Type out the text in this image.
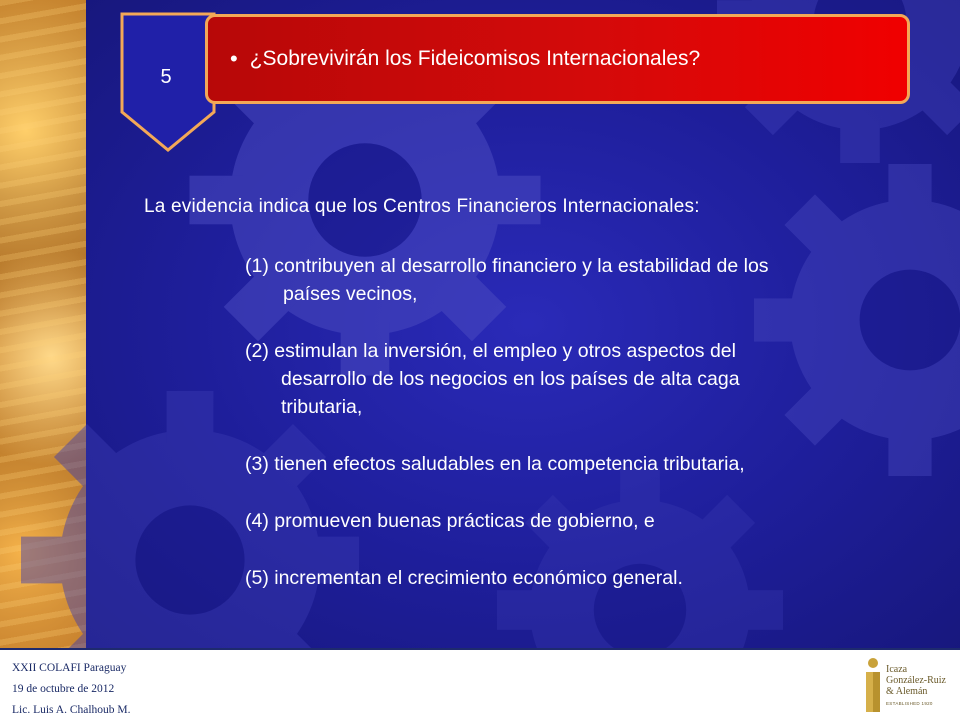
• ¿Sobrevivirán los Fideicomisos Internacionales?
5
La evidencia indica que los Centros Financieros Internacionales:
(1) contribuyen al desarrollo financiero y la estabilidad de los
países vecinos,
(2) estimulan la inversión, el empleo y otros aspectos del
desarrollo de los negocios en los países de alta caga
tributaria,
(3) tienen efectos saludables en la competencia tributaria,
(4) promueven buenas prácticas de gobierno, e
(5) incrementan el crecimiento económico general.
XXII COLAFI Paraguay
19 de octubre de 2012
Lic. Luis A. Chalhoub M.
Icaza
González-Ruiz
& Alemán
ESTABLISHED 1920
